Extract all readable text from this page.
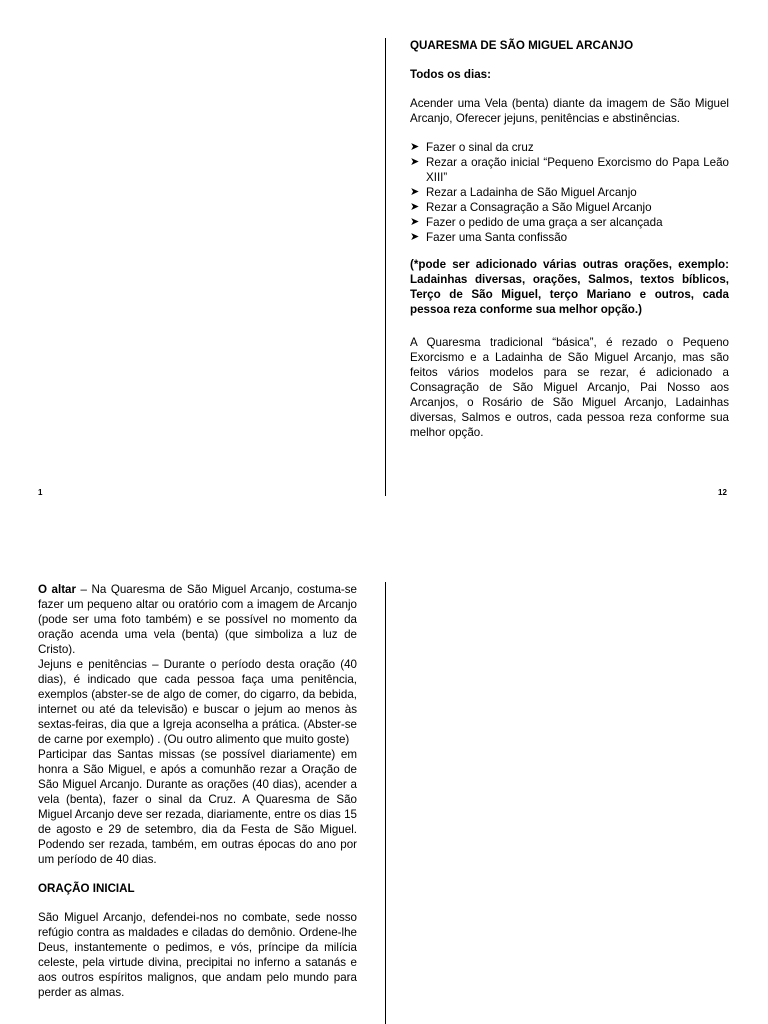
QUARESMA DE SÃO MIGUEL ARCANJO

Todos os dias:

Acender uma Vela (benta) diante da imagem de São Miguel Arcanjo, Oferecer jejuns, penitências e abstinências.

➤ Fazer o sinal da cruz
➤ Rezar a oração inicial “Pequeno Exorcismo do Papa Leão XIII”
➤ Rezar a Ladainha de São Miguel Arcanjo
➤ Rezar a Consagração a São Miguel Arcanjo
➤ Fazer o pedido de uma graça a ser alcançada
➤ Fazer uma Santa confissão

(*pode ser adicionado várias outras orações, exemplo: Ladainhas diversas, orações, Salmos, textos bíblicos, Terço de São Miguel, terço Mariano e outros, cada pessoa reza conforme sua melhor opção.)

A Quaresma tradicional “básica”, é rezado o Pequeno Exorcismo e a Ladainha de São Miguel Arcanjo, mas são feitos vários modelos para se rezar, é adicionado a Consagração de São Miguel Arcanjo, Pai Nosso aos Arcanjos, o Rosário de São Miguel Arcanjo, Ladainhas diversas, Salmos e outros, cada pessoa reza conforme sua melhor opção.

1	12

O altar – Na Quaresma de São Miguel Arcanjo, costuma-se fazer um pequeno altar ou oratório com a imagem de Arcanjo (pode ser uma foto também) e se possível no momento da oração acenda uma vela (benta) (que simboliza a luz de Cristo).

Jejuns e penitências – Durante o período desta oração (40 dias), é indicado que cada pessoa faça uma penitência, exemplos (abster-se de algo de comer, do cigarro, da bebida, internet ou até da televisão) e buscar o jejum ao menos às sextas-feiras, dia que a Igreja aconselha a prática. (Abster-se de carne por exemplo) . (Ou outro alimento que muito goste)

Participar das Santas missas (se possível diariamente) em honra a São Miguel, e após a comunhão rezar a Oração de São Miguel Arcanjo. Durante as orações (40 dias), acender a vela (benta), fazer o sinal da Cruz. A Quaresma de São Miguel Arcanjo deve ser rezada, diariamente, entre os dias 15 de agosto e 29 de setembro, dia da Festa de São Miguel. Podendo ser rezada, também, em outras épocas do ano por um período de 40 dias.

ORAÇÃO INICIAL

São Miguel Arcanjo, defendei-nos no combate, sede nosso refúgio contra as maldades e ciladas do demônio. Ordene-lhe Deus, instantemente o pedimos, e vós, príncipe da milícia celeste, pela virtude divina, precipitai no inferno a satanás e aos outros espíritos malignos, que andam pelo mundo para perder as almas.
